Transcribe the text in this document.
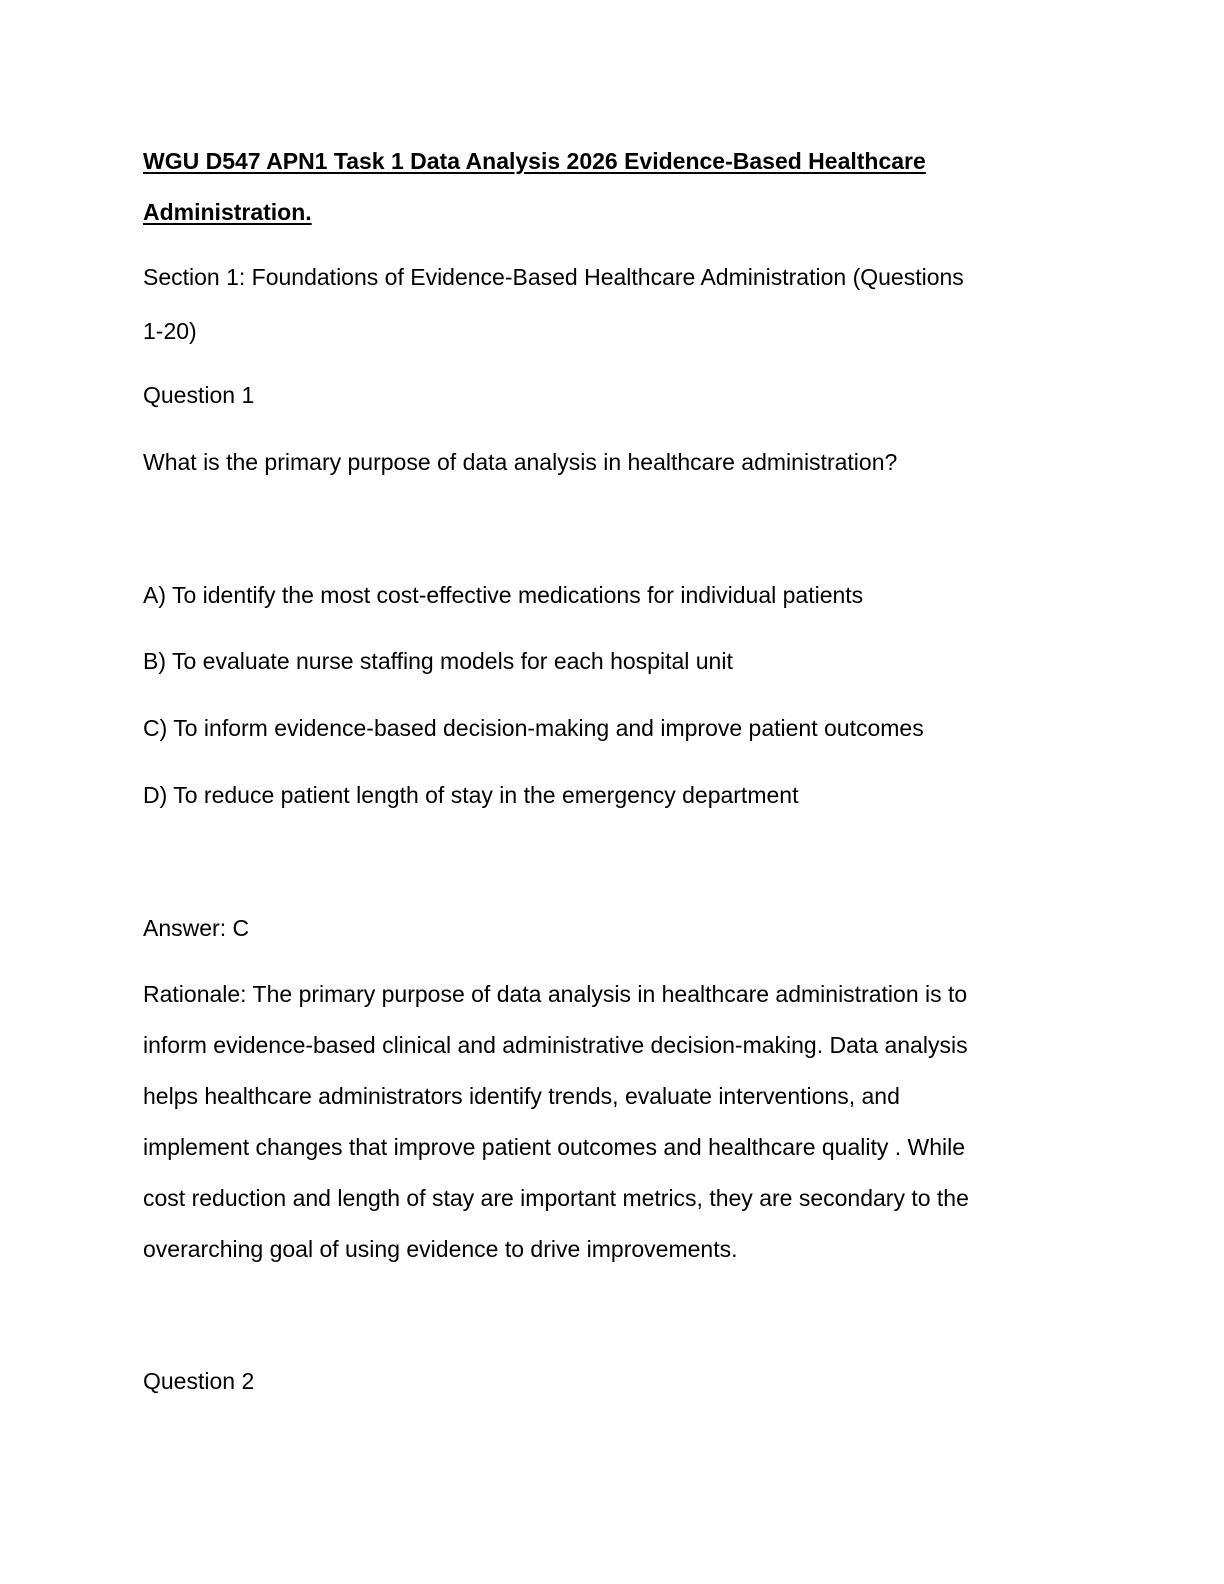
WGU D547 APN1 Task 1 Data Analysis 2026 Evidence-Based Healthcare
Administration.
Section 1: Foundations of Evidence-Based Healthcare Administration (Questions
1-20)
Question 1
What is the primary purpose of data analysis in healthcare administration?
A) To identify the most cost-effective medications for individual patients
B) To evaluate nurse staffing models for each hospital unit
C) To inform evidence-based decision-making and improve patient outcomes
D) To reduce patient length of stay in the emergency department
Answer: C
Rationale: The primary purpose of data analysis in healthcare administration is to
inform evidence-based clinical and administrative decision-making. Data analysis
helps healthcare administrators identify trends, evaluate interventions, and
implement changes that improve patient outcomes and healthcare quality . While
cost reduction and length of stay are important metrics, they are secondary to the
overarching goal of using evidence to drive improvements.
Question 2
